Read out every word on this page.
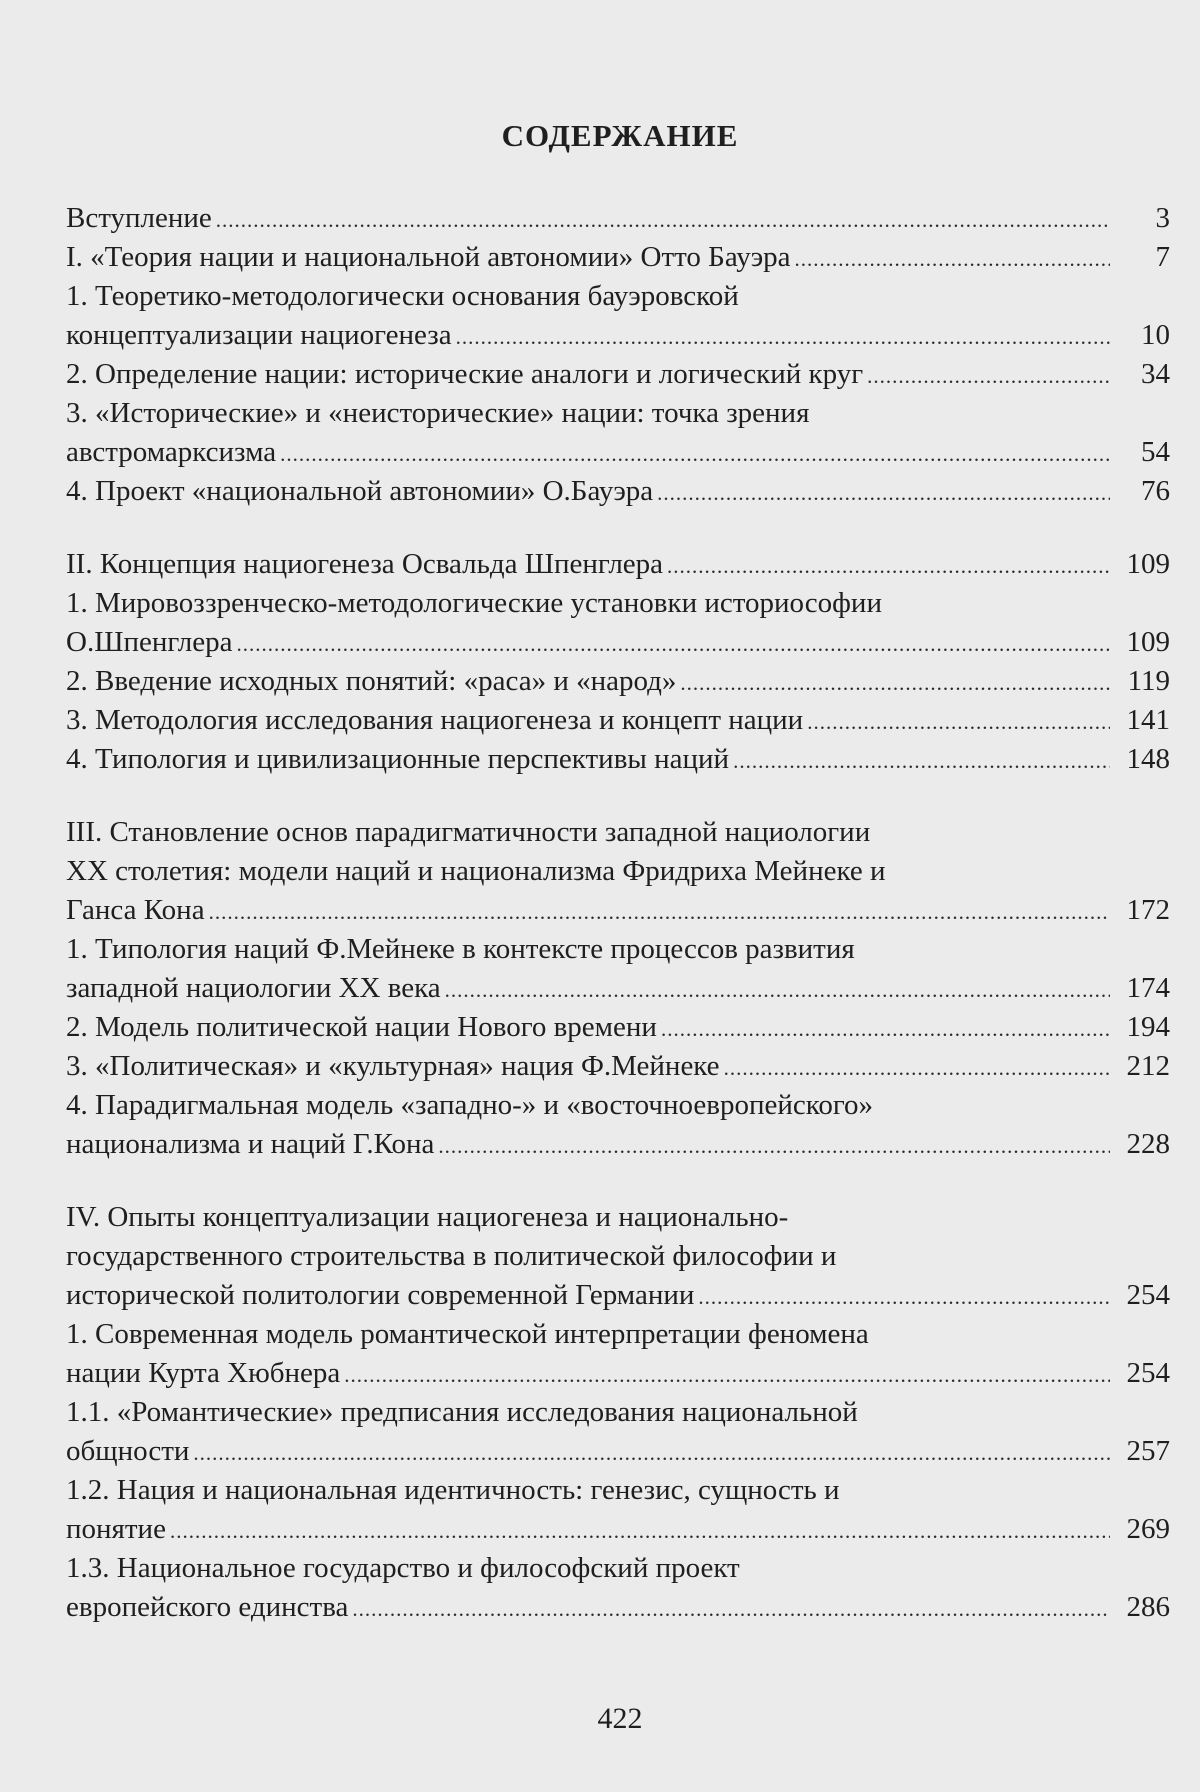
СОДЕРЖАНИЕ
Вступление .....	3
I. «Теория нации и национальной автономии» Отто Бауэра .....	7
1. Теоретико-методологически основания бауэровской
концептуализации нациогенеза .....	10
2. Определение нации: исторические аналоги и логический круг .....	34
3. «Исторические» и «неисторические» нации: точка зрения
австромарксизма .....	54
4. Проект «национальной автономии» О.Бауэра .....	76
II. Концепция нациогенеза Освальда Шпенглера .....	109
1. Мировоззренческо-методологические установки историософии
О.Шпенглера .....	109
2. Введение исходных понятий: «раса» и «народ» .....	119
3. Методология исследования нациогенеза и концепт нации .....	141
4. Типология и цивилизационные перспективы наций .....	148
III. Становление основ парадигматичности западной нациологии
XX столетия: модели наций и национализма Фридриха Мейнеке и
Ганса Кона .....	172
1. Типология наций Ф.Мейнеке в контексте процессов развития
западной нациологии XX века .....	174
2. Модель политической нации Нового времени .....	194
3. «Политическая» и «культурная» нация Ф.Мейнеке .....	212
4. Парадигмальная модель «западно-» и «восточноевропейского»
национализма и наций Г.Кона .....	228
IV. Опыты концептуализации нациогенеза и национально-
государственного строительства в политической философии и
исторической политологии современной Германии .....	254
1. Современная модель романтической интерпретации феномена
нации Курта Хюбнера .....	254
1.1. «Романтические» предписания исследования национальной
общности .....	257
1.2. Нация и национальная идентичность: генезис, сущность и
понятие .....	269
1.3. Национальное государство и философский проект
европейского единства .....	286
422
